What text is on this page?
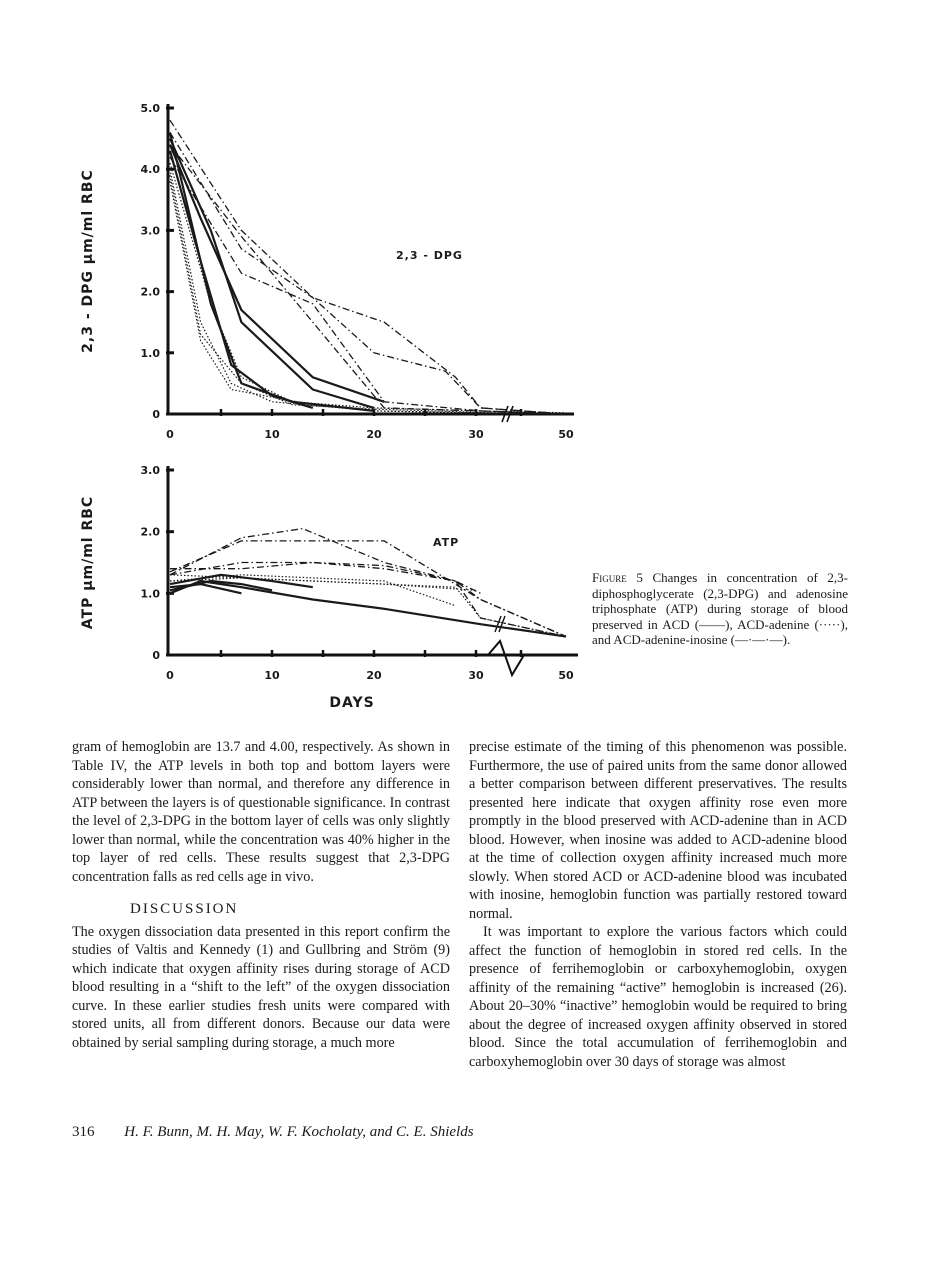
0
1.0
2.0
3.0
4.0
5.0
0	10	20	30	50
2,3 - DPG
2,3 - DPG μm/ml RBC
0
1.0
2.0
3.0
0	10	20	30	50
ATP
ATP μm/ml RBC
DAYS
Figure 5 Changes in concentration of 2,3-diphosphoglycerate (2,3-DPG) and adenosine triphosphate (ATP) during storage of blood preserved in ACD (——), ACD-adenine (·····), and ACD-adenine-inosine (—·—·—).

gram of hemoglobin are 13.7 and 4.00, respectively. As shown in Table IV, the ATP levels in both top and bottom layers were considerably lower than normal, and therefore any difference in ATP between the layers is of questionable significance. In contrast the level of 2,3-DPG in the bottom layer of cells was only slightly lower than normal, while the concentration was 40% higher in the top layer of red cells. These results suggest that 2,3-DPG concentration falls as red cells age in vivo.

DISCUSSION

The oxygen dissociation data presented in this report confirm the studies of Valtis and Kennedy (1) and Gullbring and Ström (9) which indicate that oxygen affinity rises during storage of ACD blood resulting in a “shift to the left” of the oxygen dissociation curve. In these earlier studies fresh units were compared with stored units, all from different donors. Because our data were obtained by serial sampling during storage, a much more

precise estimate of the timing of this phenomenon was possible. Furthermore, the use of paired units from the same donor allowed a better comparison between different preservatives. The results presented here indicate that oxygen affinity rose even more promptly in the blood preserved with ACD-adenine than in ACD blood. However, when inosine was added to ACD-adenine blood at the time of collection oxygen affinity increased much more slowly. When stored ACD or ACD-adenine blood was incubated with inosine, hemoglobin function was partially restored toward normal.

It was important to explore the various factors which could affect the function of hemoglobin in stored red cells. In the presence of ferrihemoglobin or carboxyhemoglobin, oxygen affinity of the remaining “active” hemoglobin is increased (26). About 20–30% “inactive” hemoglobin would be required to bring about the degree of increased oxygen affinity observed in stored blood. Since the total accumulation of ferrihemoglobin and carboxyhemoglobin over 30 days of storage was almost

316 H. F. Bunn, M. H. May, W. F. Kocholaty, and C. E. Shields
